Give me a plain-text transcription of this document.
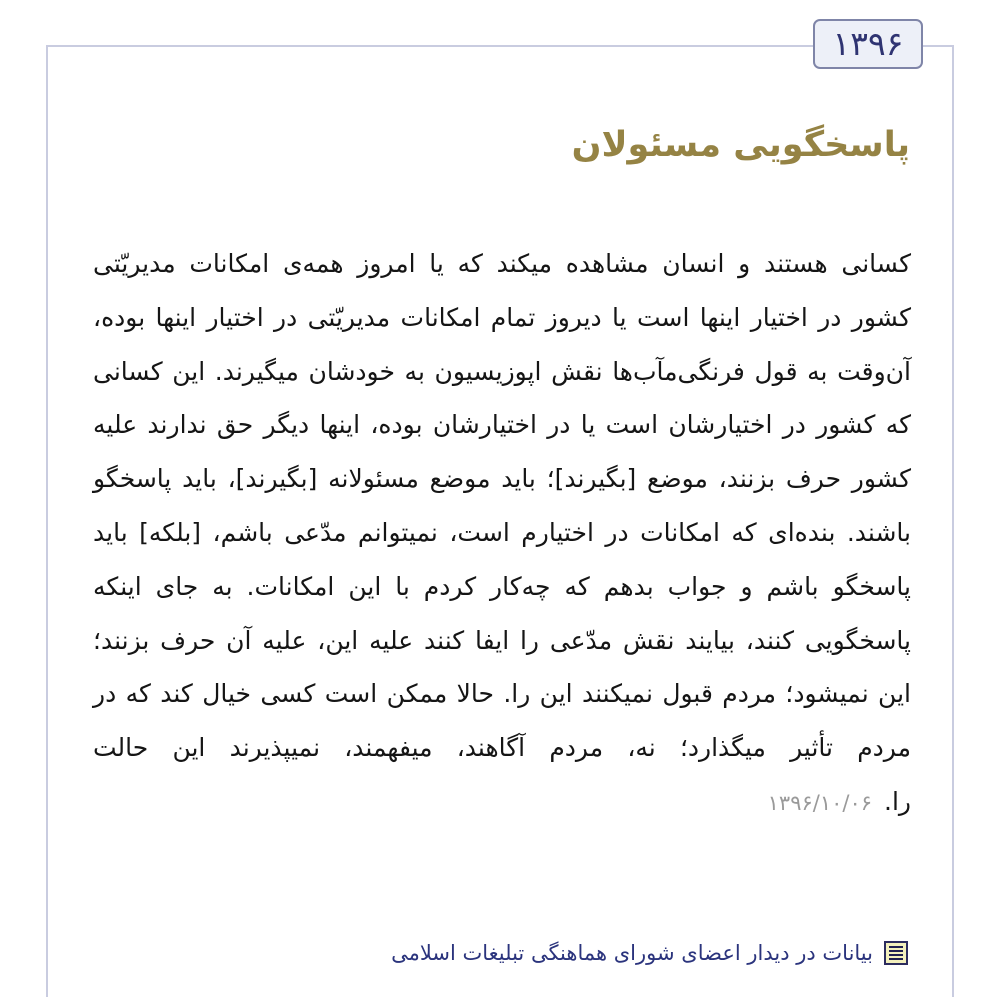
۱۳۹۶
پاسخگویی مسئولان

کسانی هستند و انسان مشاهده میکند که یا امروز همه‌ی امکانات مدیریّتی کشور در اختیار اینها است یا دیروز تمام امکانات مدیریّتی در اختیار اینها بوده، آن‌وقت به قول فرنگی‌مآب‌ها نقش اپوزیسیون به خودشان میگیرند. این کسانی که کشور در اختیارشان است یا در اختیارشان بوده، اینها دیگر حق ندارند علیه کشور حرف بزنند، موضع [بگیرند]؛ باید موضع مسئولانه [بگیرند]، باید پاسخگو باشند. بنده‌ای که امکانات در اختیارم است، نمیتوانم مدّعی باشم، [بلکه] باید پاسخگو باشم و جواب بدهم که چه‌کار کردم با این امکانات. به جای اینکه پاسخگویی کنند، بیایند نقش مدّعی را ایفا کنند علیه این، علیه آن حرف بزنند؛ این نمیشود؛ مردم قبول نمیکنند این را. حالا ممکن است کسی خیال کند که در مردم تأثیر میگذارد؛ نه، مردم آگاهند، میفهمند، نمیپذیرند این حالت را.۱۳۹۶/۱۰/۰۶

بیانات در دیدار اعضای شورای هماهنگی تبلیغات اسلامی
